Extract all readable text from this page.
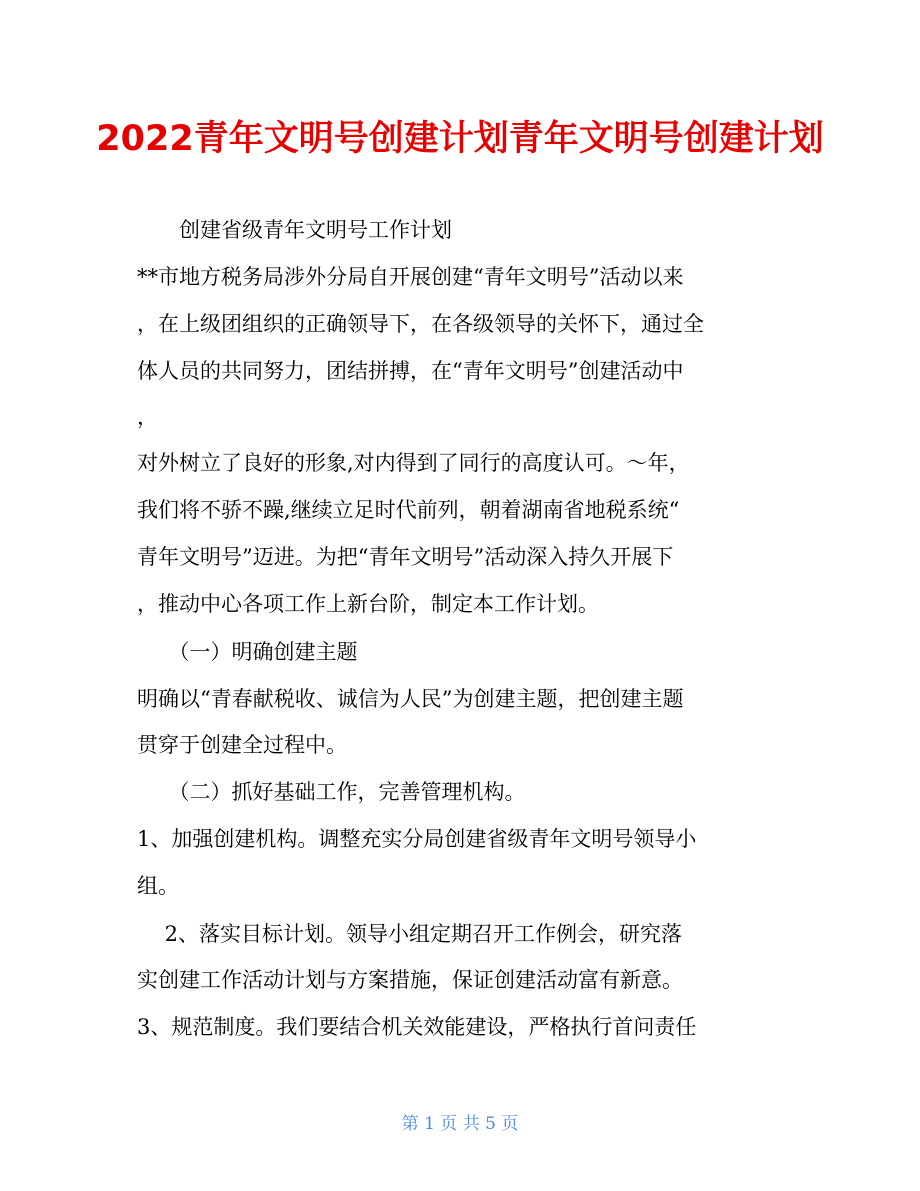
2022青年文明号创建计划青年文明号创建计划
　　创建省级青年文明号工作计划
**市地方税务局涉外分局自开展创建“青年文明号”活动以来
，在上级团组织的正确领导下，在各级领导的关怀下，通过全
体人员的共同努力，团结拼搏，在“青年文明号”创建活动中
，
对外树立了良好的形象,对内得到了同行的高度认可。～年，
我们将不骄不躁,继续立足时代前列，朝着湖南省地税系统“
青年文明号”迈进。为把“青年文明号”活动深入持久开展下
，推动中心各项工作上新台阶，制定本工作计划。
　　（一）明确创建主题
明确以“青春献税收、诚信为人民”为创建主题，把创建主题
贯穿于创建全过程中。
　　（二）抓好基础工作，完善管理机构。
1、加强创建机构。调整充实分局创建省级青年文明号领导小
组。
　 2、落实目标计划。领导小组定期召开工作例会，研究落
实创建工作活动计划与方案措施，保证创建活动富有新意。
3、规范制度。我们要结合机关效能建设，严格执行首问责任
第 1 页 共 5 页
